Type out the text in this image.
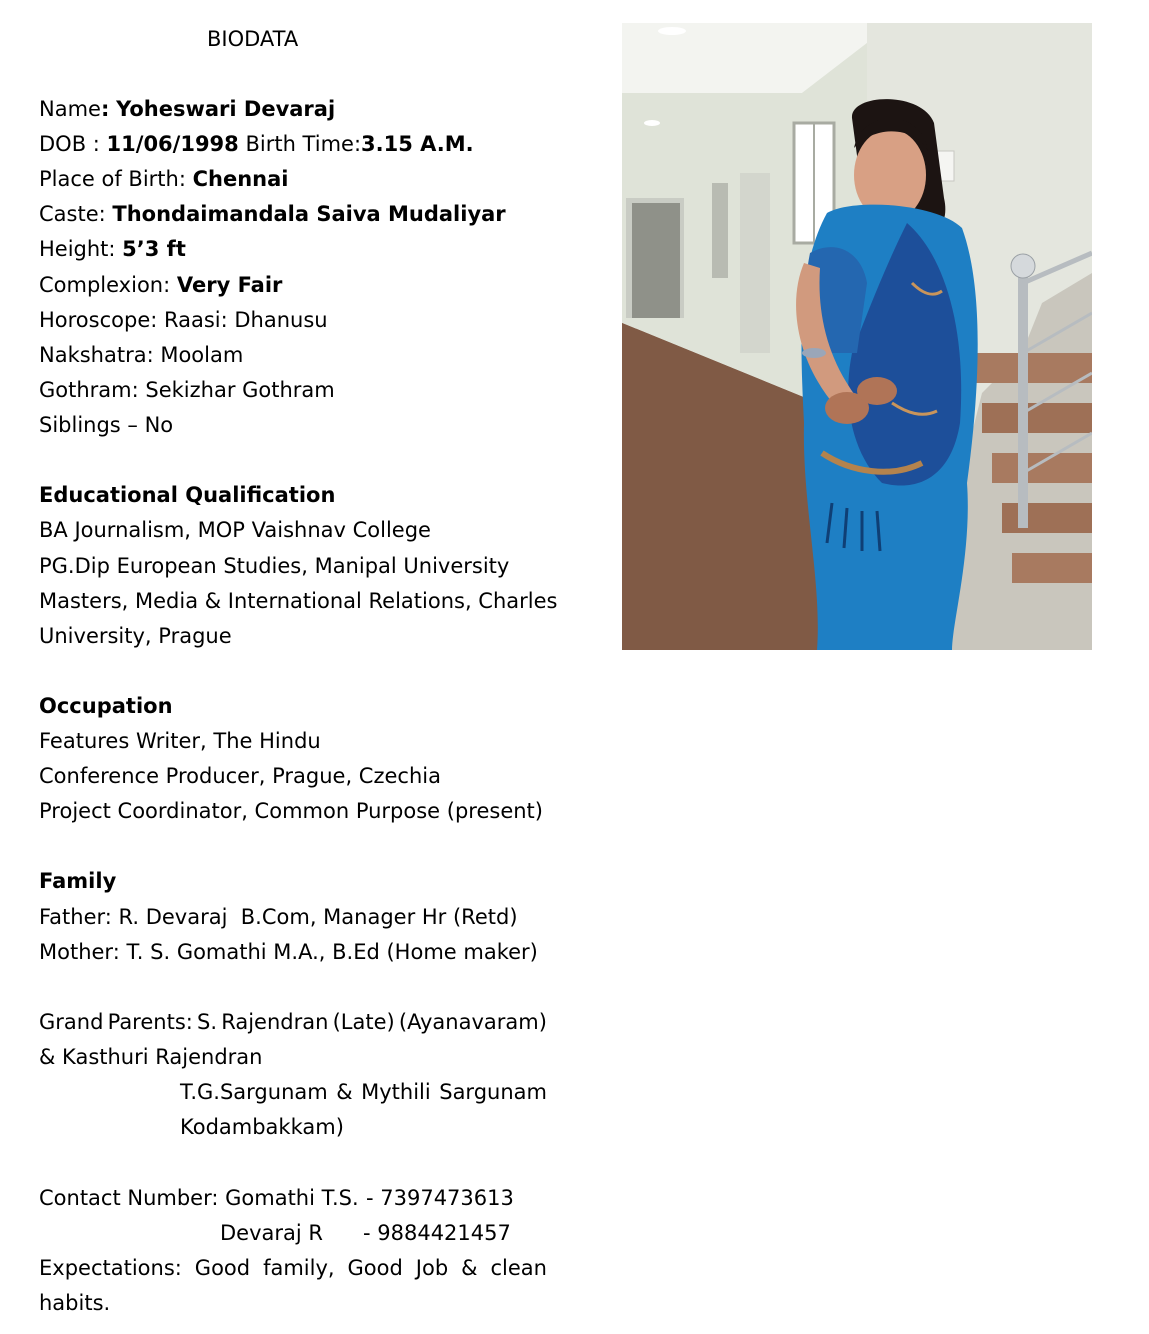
BIODATA
Name: Yoheswari Devaraj
DOB : 11/06/1998 Birth Time:3.15 A.M.
Place of Birth: Chennai
Caste: Thondaimandala Saiva Mudaliyar
Height: 5’3 ft
Complexion: Very Fair
Horoscope: Raasi: Dhanusu
Nakshatra: Moolam
Gothram: Sekizhar Gothram
Siblings – No
Educational Qualification
BA Journalism, MOP Vaishnav College
PG.Dip European Studies, Manipal University
Masters, Media & International Relations, Charles
University, Prague
Occupation
Features Writer, The Hindu
Conference Producer, Prague, Czechia
Project Coordinator, Common Purpose (present)
Family
Father: R. Devaraj  B.Com, Manager Hr (Retd)
Mother: T. S. Gomathi M.A., B.Ed (Home maker)
Grand Parents: S. Rajendran (Late) (Ayanavaram)
& Kasthuri Rajendran
T.G.Sargunam & Mythili Sargunam
Kodambakkam)
Contact Number: Gomathi T.S. - 7397473613
Devaraj R - 9884421457
Expectations: Good family, Good Job & clean
habits.
